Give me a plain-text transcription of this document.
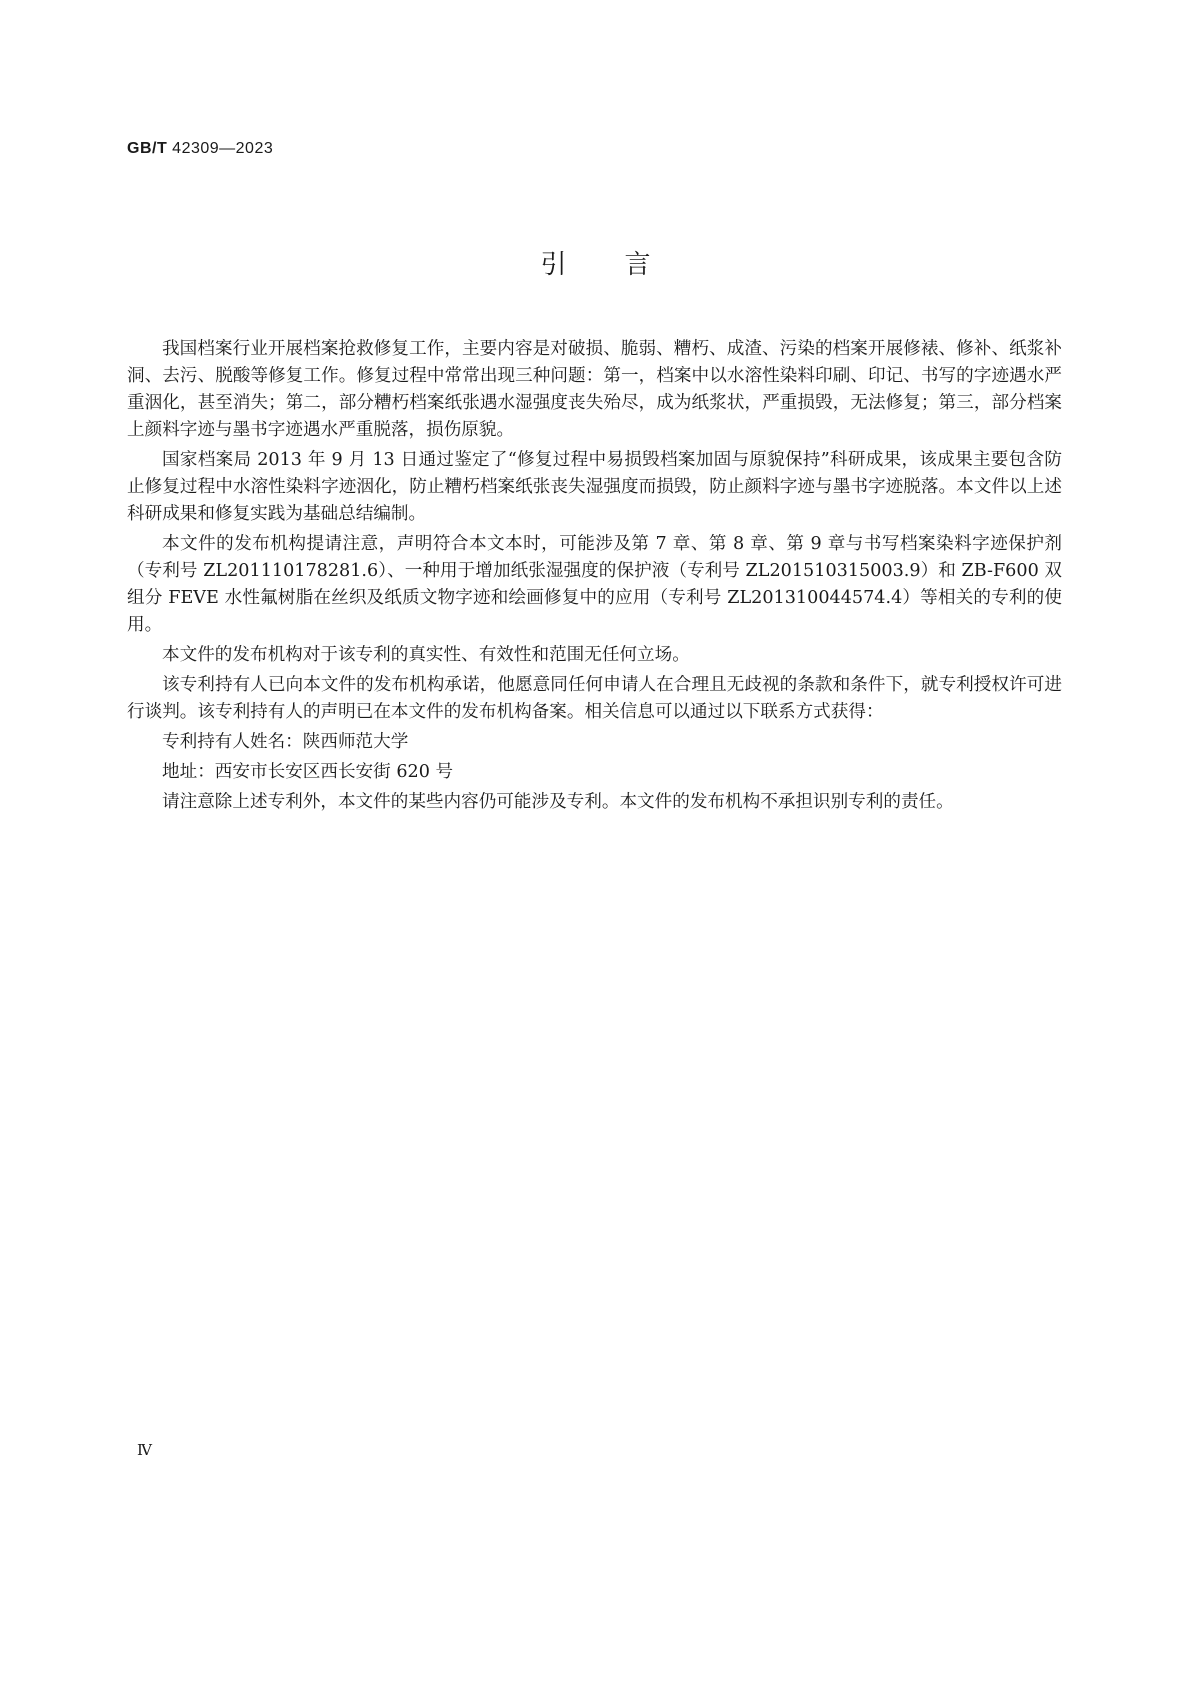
GB/T 42309—2023
引言

我国档案行业开展档案抢救修复工作，主要内容是对破损、脆弱、糟朽、成渣、污染的档案开展修裱、修补、纸浆补洞、去污、脱酸等修复工作。修复过程中常常出现三种问题：第一，档案中以水溶性染料印刷、印记、书写的字迹遇水严重洇化，甚至消失；第二，部分糟朽档案纸张遇水湿强度丧失殆尽，成为纸浆状，严重损毁，无法修复；第三，部分档案上颜料字迹与墨书字迹遇水严重脱落，损伤原貌。

国家档案局 2013 年 9 月 13 日通过鉴定了“修复过程中易损毁档案加固与原貌保持”科研成果，该成果主要包含防止修复过程中水溶性染料字迹洇化，防止糟朽档案纸张丧失湿强度而损毁，防止颜料字迹与墨书字迹脱落。本文件以上述科研成果和修复实践为基础总结编制。

本文件的发布机构提请注意，声明符合本文本时，可能涉及第 7 章、第 8 章、第 9 章与书写档案染料字迹保护剂（专利号 ZL201110178281.6）、一种用于增加纸张湿强度的保护液（专利号 ZL201510315003.9）和 ZB-F600 双组分 FEVE 水性氟树脂在丝织及纸质文物字迹和绘画修复中的应用（专利号 ZL201310044574.4）等相关的专利的使用。

本文件的发布机构对于该专利的真实性、有效性和范围无任何立场。

该专利持有人已向本文件的发布机构承诺，他愿意同任何申请人在合理且无歧视的条款和条件下，就专利授权许可进行谈判。该专利持有人的声明已在本文件的发布机构备案。相关信息可以通过以下联系方式获得：

专利持有人姓名：陕西师范大学

地址：西安市长安区西长安街 620 号

请注意除上述专利外，本文件的某些内容仍可能涉及专利。本文件的发布机构不承担识别专利的责任。

Ⅳ
